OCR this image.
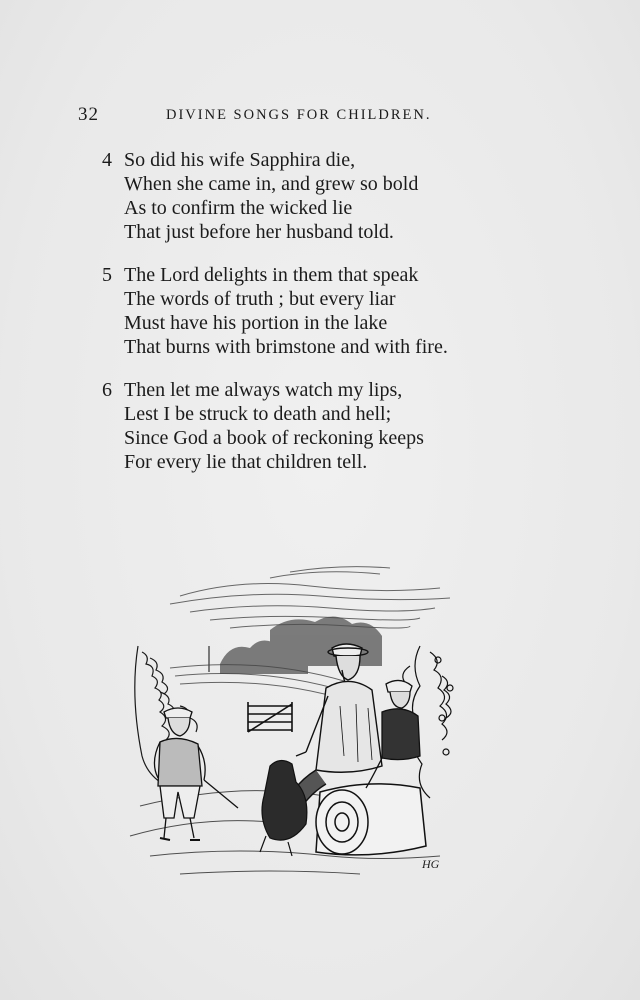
32	DIVINE SONGS FOR CHILDREN.
4 So did his wife Sapphira die,
When she came in, and grew so bold
As to confirm the wicked lie
That just before her husband told.
5 The Lord delights in them that speak
The words of truth ; but every liar
Must have his portion in the lake
That burns with brimstone and with fire.
6 Then let me always watch my lips,
Lest I be struck to death and hell;
Since God a book of reckoning keeps
For every lie that children tell.
HG
